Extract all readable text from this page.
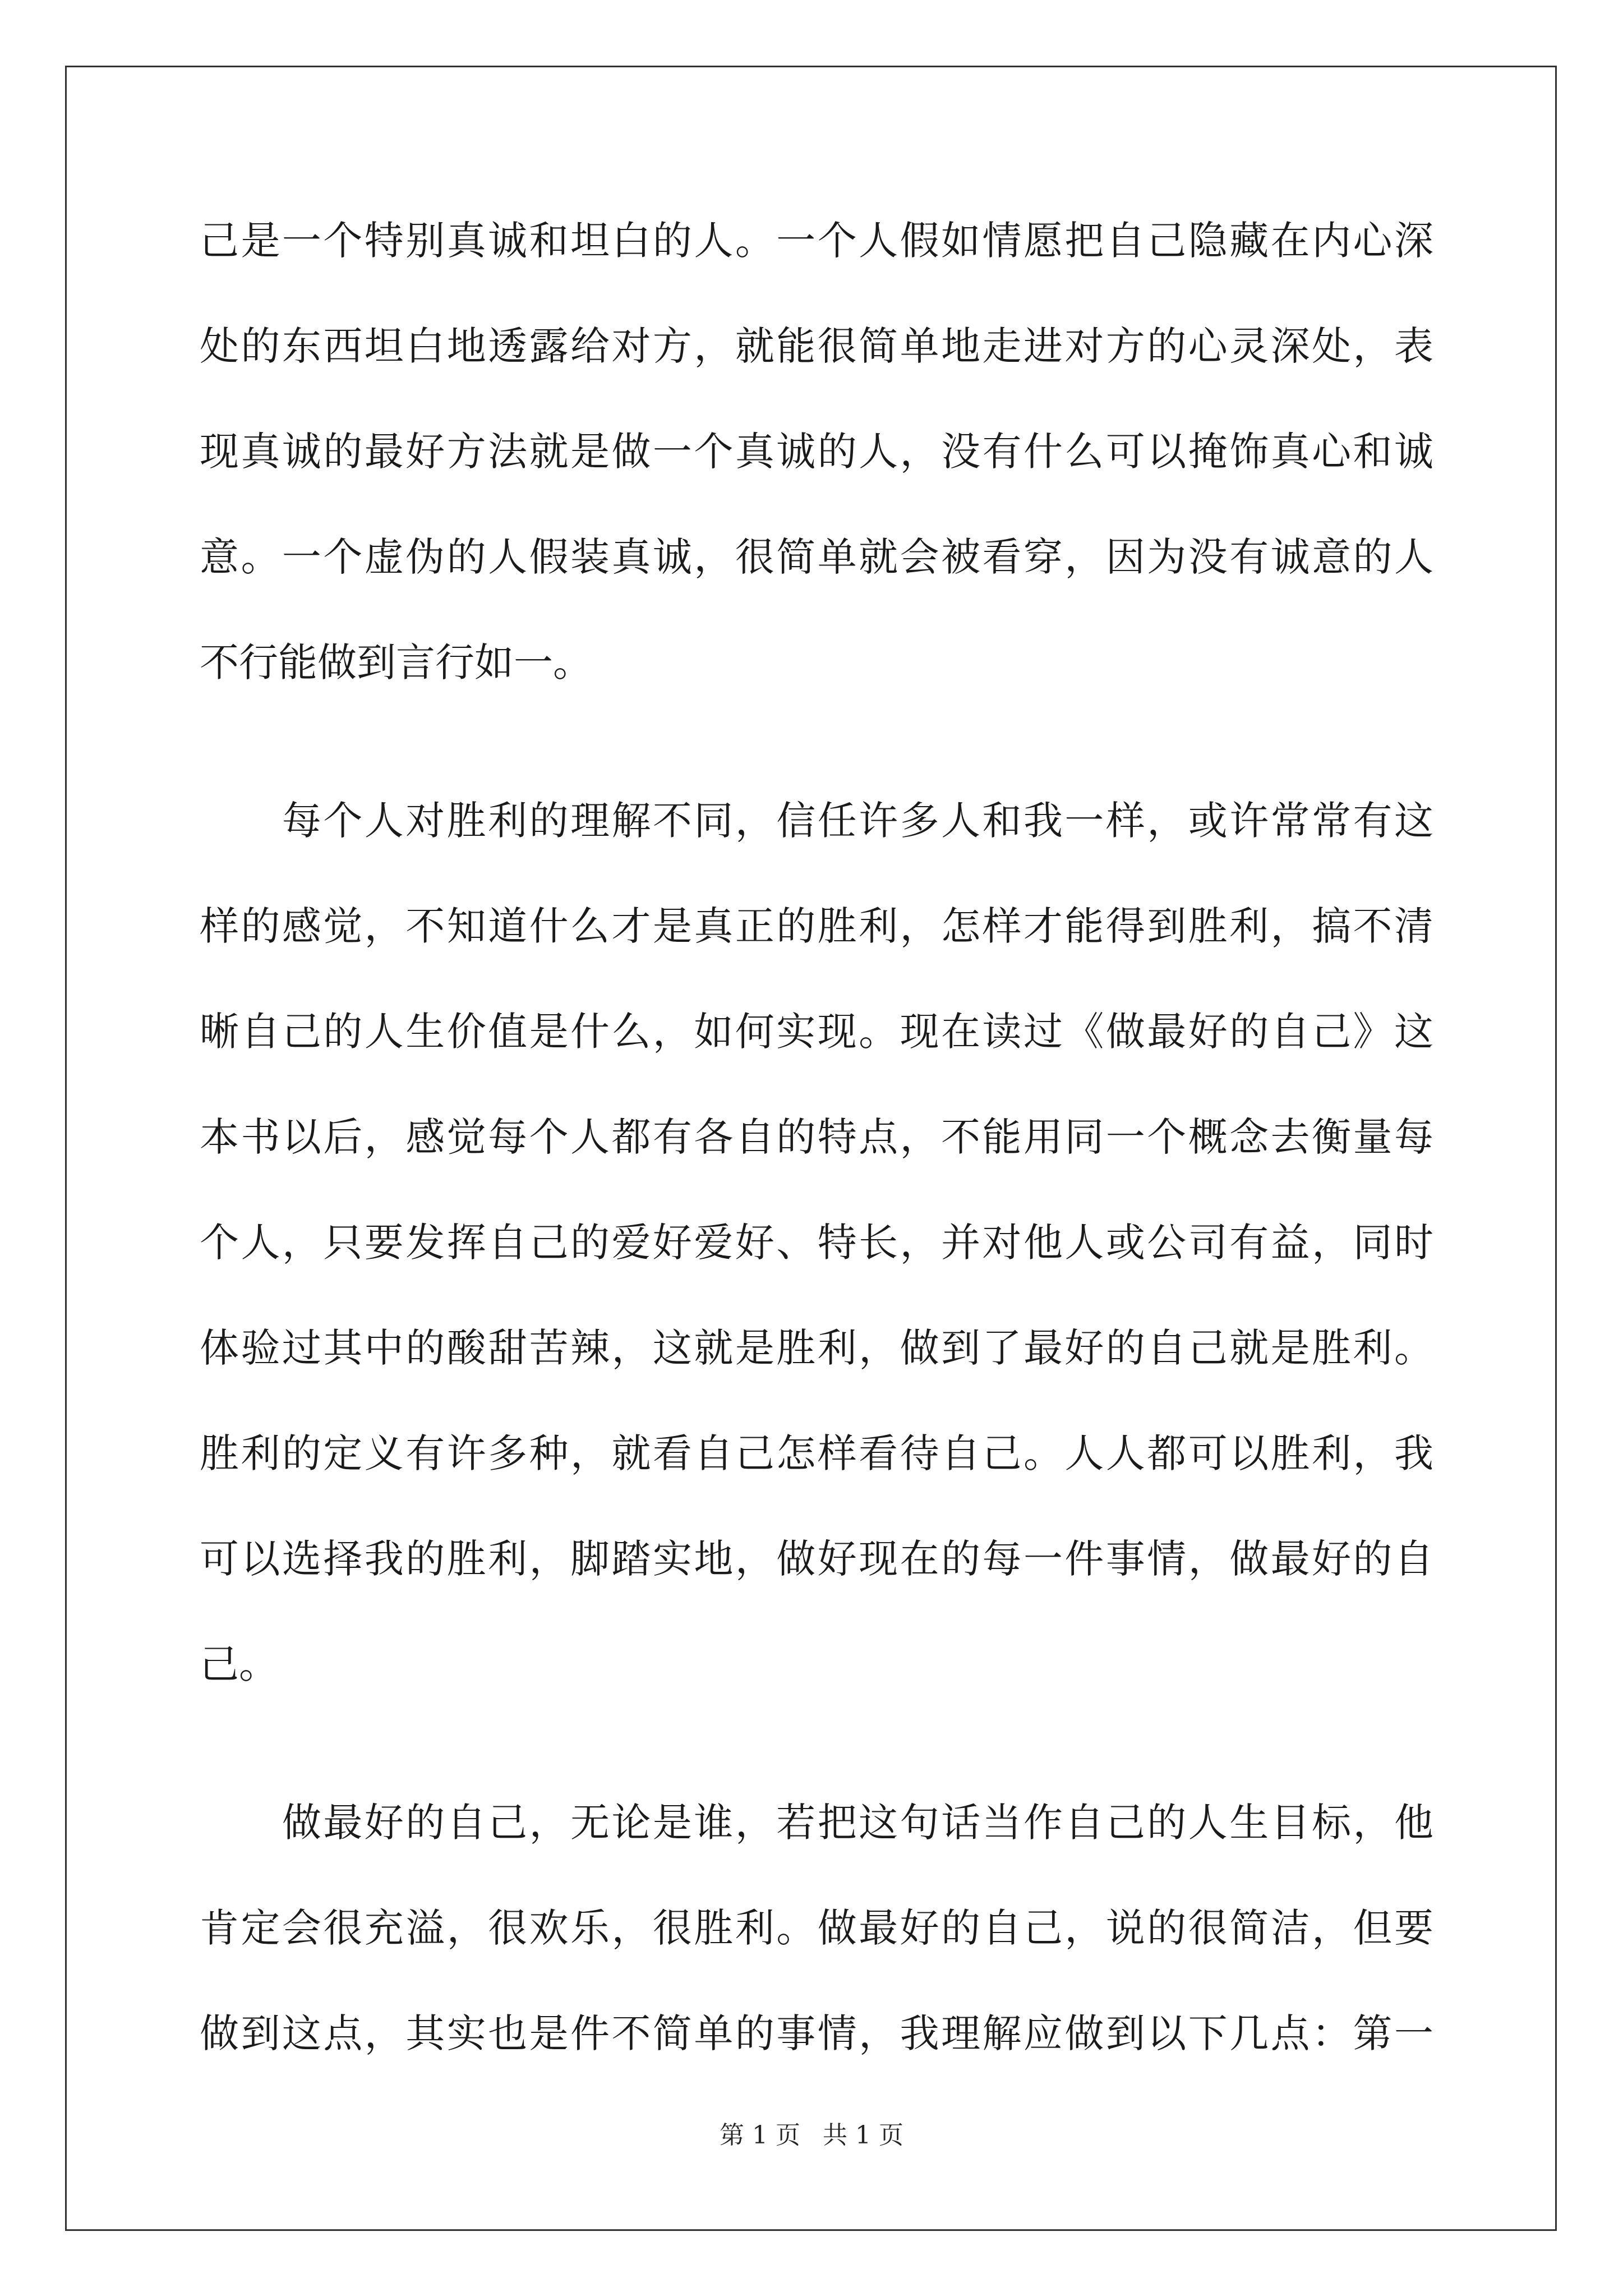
己是一个特别真诚和坦白的人。一个人假如情愿把自己隐藏在内心深
处的东西坦白地透露给对方，就能很简单地走进对方的心灵深处，表
现真诚的最好方法就是做一个真诚的人，没有什么可以掩饰真心和诚
意。一个虚伪的人假装真诚，很简单就会被看穿，因为没有诚意的人
不行能做到言行如一。
　　每个人对胜利的理解不同，信任许多人和我一样，或许常常有这
样的感觉，不知道什么才是真正的胜利，怎样才能得到胜利，搞不清
晰自己的人生价值是什么，如何实现。现在读过《做最好的自己》这
本书以后，感觉每个人都有各自的特点，不能用同一个概念去衡量每
个人，只要发挥自己的爱好爱好、特长，并对他人或公司有益，同时
体验过其中的酸甜苦辣，这就是胜利，做到了最好的自己就是胜利。
胜利的定义有许多种，就看自己怎样看待自己。人人都可以胜利，我
可以选择我的胜利，脚踏实地，做好现在的每一件事情，做最好的自
己。
　　做最好的自己，无论是谁，若把这句话当作自己的人生目标，他
肯定会很充溢，很欢乐，很胜利。做最好的自己，说的很简洁，但要
做到这点，其实也是件不简单的事情，我理解应做到以下几点：第一
第 1 页 共 1 页
